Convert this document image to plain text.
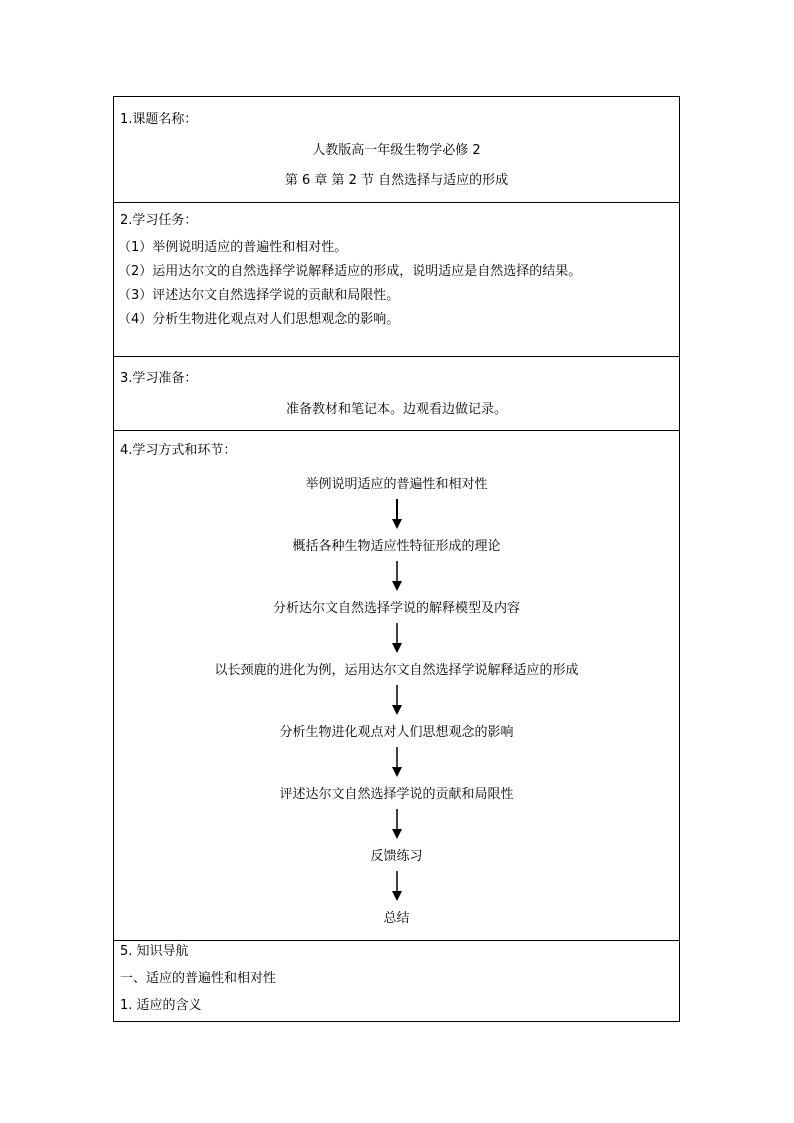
1.课题名称：
人教版高一年级生物学必修 2
第 6 章 第 2 节 自然选择与适应的形成
2.学习任务：
（1）举例说明适应的普遍性和相对性。
（2）运用达尔文的自然选择学说解释适应的形成，说明适应是自然选择的结果。
（3）评述达尔文自然选择学说的贡献和局限性。
（4）分析生物进化观点对人们思想观念的影响。
3.学习准备：
准备教材和笔记本。边观看边做记录。
4.学习方式和环节：
举例说明适应的普遍性和相对性
概括各种生物适应性特征形成的理论
分析达尔文自然选择学说的解释模型及内容
以长颈鹿的进化为例，运用达尔文自然选择学说解释适应的形成
分析生物进化观点对人们思想观念的影响
评述达尔文自然选择学说的贡献和局限性
反馈练习
总结
5. 知识导航
一、适应的普遍性和相对性
1. 适应的含义
